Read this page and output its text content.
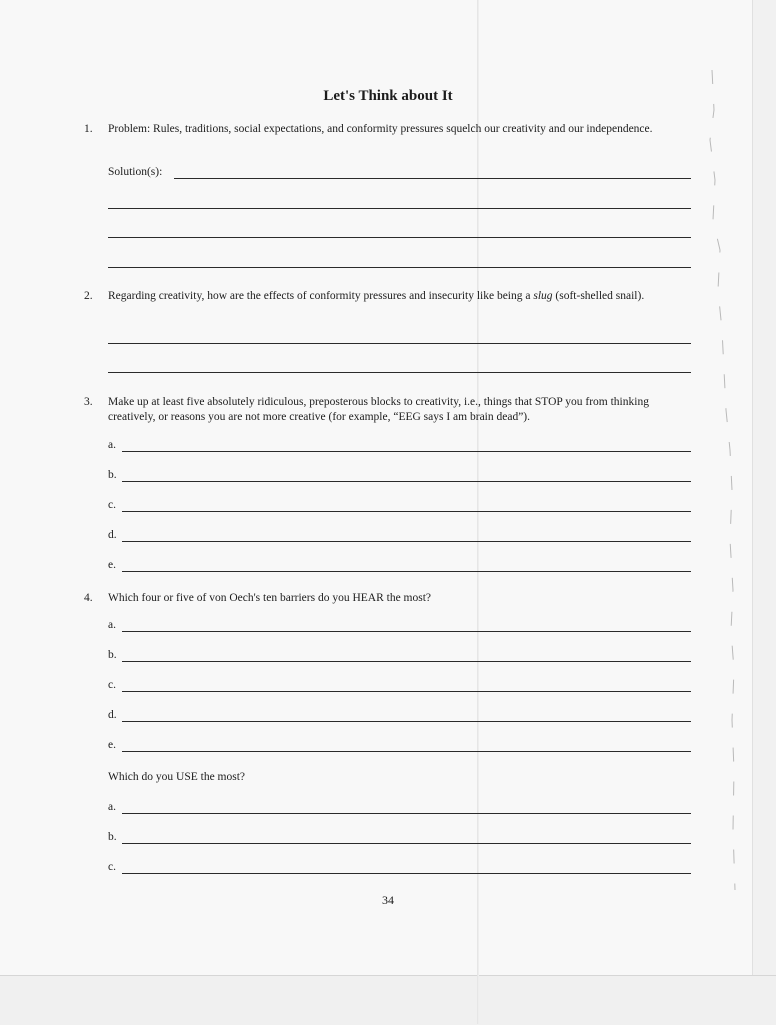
Let's Think about It
1. Problem: Rules, traditions, social expectations, and conformity pressures squelch our creativity and our independence.
Solution(s):
2. Regarding creativity, how are the effects of conformity pressures and insecurity like being a slug (soft-shelled snail).
3. Make up at least five absolutely ridiculous, preposterous blocks to creativity, i.e., things that STOP you from thinking creatively, or reasons you are not more creative (for example, “EEG says I am brain dead”).
a.
b.
c.
d.
e.
4. Which four or five of von Oech's ten barriers do you HEAR the most?
a.
b.
c.
d.
e.
Which do you USE the most?
a.
b.
c.
34
